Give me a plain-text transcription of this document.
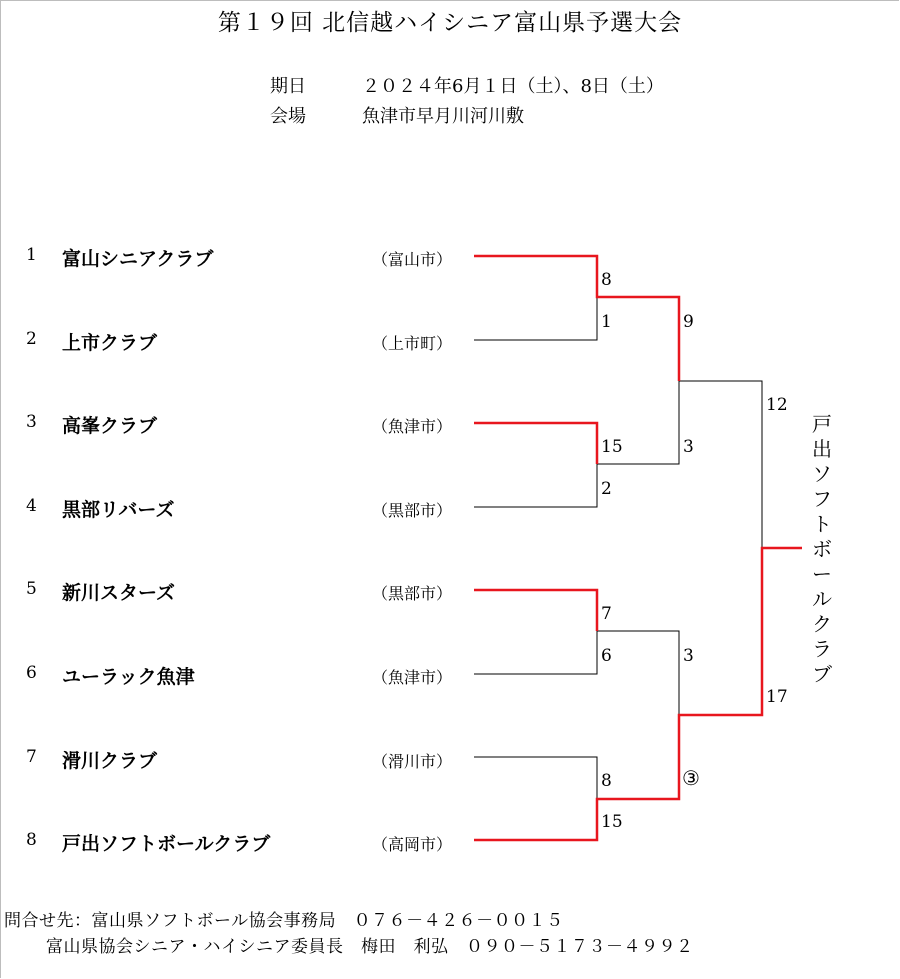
第１９回 北信越ハイシニア富山県予選大会
期日	２０２４年6月１日（土）、8日（土）
会場	魚津市早月川河川敷
1 富山シニアクラブ	（富山市）
2 上市クラブ	（上市町）
3 高峯クラブ	（魚津市）
4 黒部リバーズ	（黒部市）
5 新川スターズ	（黒部市）
6 ユーラック魚津	（魚津市）
7 滑川クラブ	（滑川市）
8 戸出ソフトボールクラブ	（高岡市）
8
1
15
2
7
6
8
15
9
3
3
③
12
17
戸出ソフトボールクラブ
問合せ先：富山県ソフトボール協会事務局　０７６－４２６－００１５
富山県協会シニア・ハイシニア委員長　梅田　利弘　０９０－５１７３－４９９２
